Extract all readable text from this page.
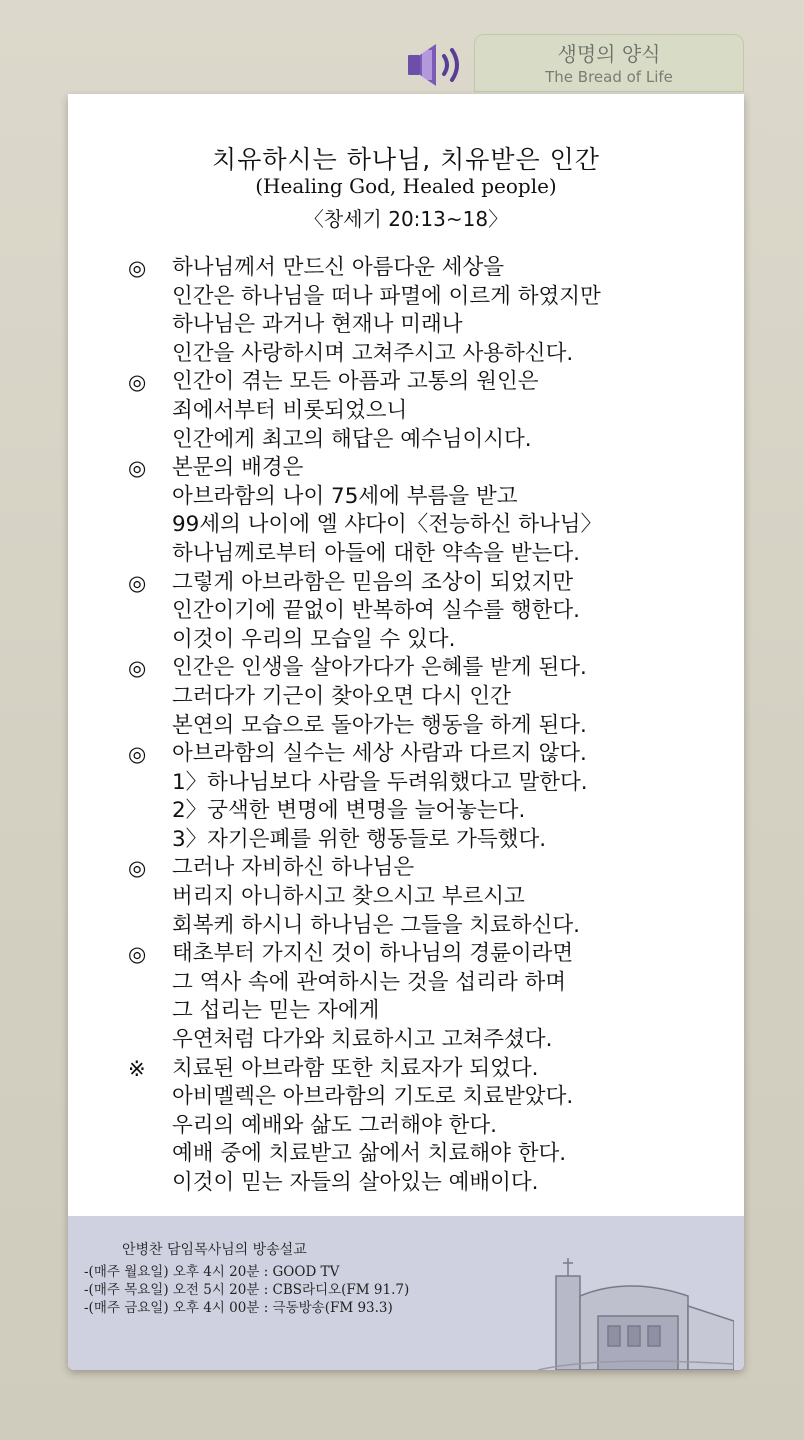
생명의 양식
The Bread of Life
치유하시는 하나님, 치유받은 인간
(Healing God, Healed people)
〈창세기 20:13~18〉
◎	하나님께서 만드신 아름다운 세상을
인간은 하나님을 떠나 파멸에 이르게 하였지만
하나님은 과거나 현재나 미래나
인간을 사랑하시며 고쳐주시고 사용하신다.
◎	인간이 겪는 모든 아픔과 고통의 원인은
죄에서부터 비롯되었으니
인간에게 최고의 해답은 예수님이시다.
◎	본문의 배경은
아브라함의 나이 75세에 부름을 받고
99세의 나이에 엘 샤다이〈전능하신 하나님〉
하나님께로부터 아들에 대한 약속을 받는다.
◎	그렇게 아브라함은 믿음의 조상이 되었지만
인간이기에 끝없이 반복하여 실수를 행한다.
이것이 우리의 모습일 수 있다.
◎	인간은 인생을 살아가다가 은혜를 받게 된다.
그러다가 기근이 찾아오면 다시 인간
본연의 모습으로 돌아가는 행동을 하게 된다.
◎	아브라함의 실수는 세상 사람과 다르지 않다.
1〉하나님보다 사람을 두려워했다고 말한다.
2〉궁색한 변명에 변명을 늘어놓는다.
3〉자기은폐를 위한 행동들로 가득했다.
◎	그러나 자비하신 하나님은
버리지 아니하시고 찾으시고 부르시고
회복케 하시니 하나님은 그들을 치료하신다.
◎	태초부터 가지신 것이 하나님의 경륜이라면
그 역사 속에 관여하시는 것을 섭리라 하며
그 섭리는 믿는 자에게
우연처럼 다가와 치료하시고 고쳐주셨다.
※	치료된 아브라함 또한 치료자가 되었다.
아비멜렉은 아브라함의 기도로 치료받았다.
우리의 예배와 삶도 그러해야 한다.
예배 중에 치료받고 삶에서 치료해야 한다.
이것이 믿는 자들의 살아있는 예배이다.
안병찬 담임목사님의 방송설교
-(매주 월요일) 오후 4시 20분 : GOOD TV
-(매주 목요일) 오전 5시 20분 : CBS라디오(FM 91.7)
-(매주 금요일) 오후 4시 00분 : 극동방송(FM 93.3)
